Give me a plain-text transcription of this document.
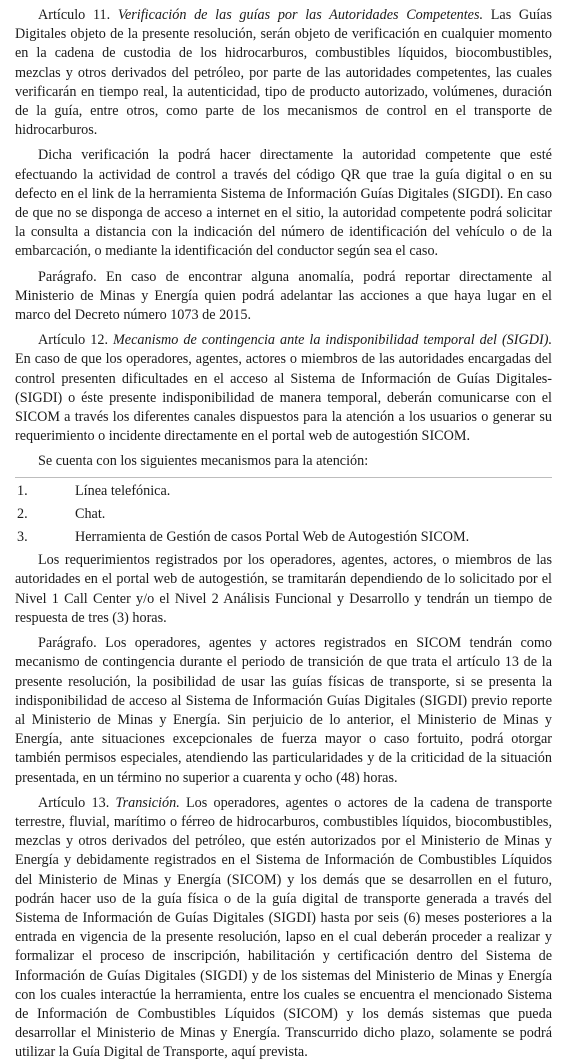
Artículo 11. Verificación de las guías por las Autoridades Competentes. Las Guías Digitales objeto de la presente resolución, serán objeto de verificación en cualquier momento en la cadena de custodia de los hidrocarburos, combustibles líquidos, biocombustibles, mezclas y otros derivados del petróleo, por parte de las autoridades competentes, las cuales verificarán en tiempo real, la autenticidad, tipo de producto autorizado, volúmenes, duración de la guía, entre otros, como parte de los mecanismos de control en el transporte de hidrocarburos.

Dicha verificación la podrá hacer directamente la autoridad competente que esté efectuando la actividad de control a través del código QR que trae la guía digital o en su defecto en el link de la herramienta Sistema de Información Guías Digitales (SIGDI). En caso de que no se disponga de acceso a internet en el sitio, la autoridad competente podrá solicitar la consulta a distancia con la indicación del número de identificación del vehículo o de la embarcación, o mediante la identificación del conductor según sea el caso.

Parágrafo. En caso de encontrar alguna anomalía, podrá reportar directamente al Ministerio de Minas y Energía quien podrá adelantar las acciones a que haya lugar en el marco del Decreto número 1073 de 2015.

Artículo 12. Mecanismo de contingencia ante la indisponibilidad temporal del (SIGDI). En caso de que los operadores, agentes, actores o miembros de las autoridades encargadas del control presenten dificultades en el acceso al Sistema de Información de Guías Digitales-(SIGDI) o éste presente indisponibilidad de manera temporal, deberán comunicarse con el SICOM a través los diferentes canales dispuestos para la atención a los usuarios o generar su requerimiento o incidente directamente en el portal web de autogestión SICOM.

Se cuenta con los siguientes mecanismos para la atención:

1.	Línea telefónica.
2.	Chat.
3.	Herramienta de Gestión de casos Portal Web de Autogestión SICOM.

Los requerimientos registrados por los operadores, agentes, actores, o miembros de las autoridades en el portal web de autogestión, se tramitarán dependiendo de lo solicitado por el Nivel 1 Call Center y/o el Nivel 2 Análisis Funcional y Desarrollo y tendrán un tiempo de respuesta de tres (3) horas.

Parágrafo. Los operadores, agentes y actores registrados en SICOM tendrán como mecanismo de contingencia durante el periodo de transición de que trata el artículo 13 de la presente resolución, la posibilidad de usar las guías físicas de transporte, si se presenta la indisponibilidad de acceso al Sistema de Información Guías Digitales (SIGDI) previo reporte al Ministerio de Minas y Energía. Sin perjuicio de lo anterior, el Ministerio de Minas y Energía, ante situaciones excepcionales de fuerza mayor o caso fortuito, podrá otorgar también permisos especiales, atendiendo las particularidades y de la criticidad de la situación presentada, en un término no superior a cuarenta y ocho (48) horas.

Artículo 13. Transición. Los operadores, agentes o actores de la cadena de transporte terrestre, fluvial, marítimo o férreo de hidrocarburos, combustibles líquidos, biocombustibles, mezclas y otros derivados del petróleo, que estén autorizados por el Ministerio de Minas y Energía y debidamente registrados en el Sistema de Información de Combustibles Líquidos del Ministerio de Minas y Energía (SICOM) y los demás que se desarrollen en el futuro, podrán hacer uso de la guía física o de la guía digital de transporte generada a través del Sistema de Información de Guías Digitales (SIGDI) hasta por seis (6) meses posteriores a la entrada en vigencia de la presente resolución, lapso en el cual deberán proceder a realizar y formalizar el proceso de inscripción, habilitación y certificación dentro del Sistema de Información de Guías Digitales (SIGDI) y de los sistemas del Ministerio de Minas y Energía con los cuales interactúe la herramienta, entre los cuales se encuentra el mencionado Sistema de Información de Combustibles Líquidos (SICOM) y los demás sistemas que pueda desarrollar el Ministerio de Minas y Energía. Transcurrido dicho plazo, solamente se podrá utilizar la Guía Digital de Transporte, aquí prevista.
